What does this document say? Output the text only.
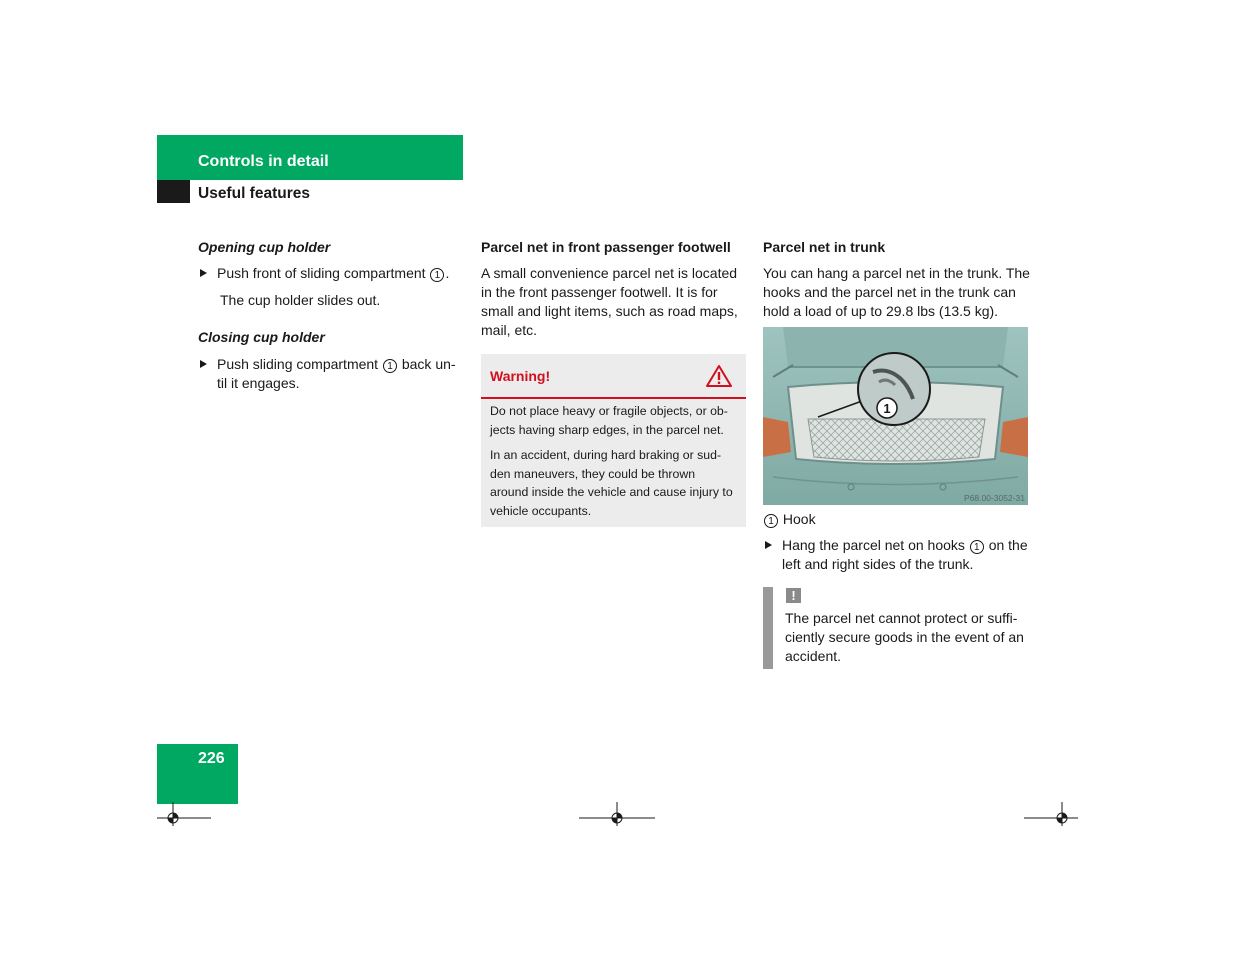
Controls in detail
Useful features
Opening cup holder
Push front of sliding compartment 1 .
The cup holder slides out.
Closing cup holder
Push sliding compartment 1 back un-
til it engages.
Parcel net in front passenger footwell
A small convenience parcel net is located
in the front passenger footwell. It is for
small and light items, such as road maps,
mail, etc.
Warning!
Do not place heavy or fragile objects, or ob-
jects having sharp edges, in the parcel net.
In an accident, during hard braking or sud-
den maneuvers, they could be thrown
around inside the vehicle and cause injury to
vehicle occupants.
Parcel net in trunk
You can hang a parcel net in the trunk. The
hooks and the parcel net in the trunk can
hold a load of up to 29.8 lbs (13.5 kg).
1
P68.00-3052-31
1 Hook
Hang the parcel net on hooks 1 on the
left and right sides of the trunk.
!
The parcel net cannot protect or suffi-
ciently secure goods in the event of an
accident.
226
